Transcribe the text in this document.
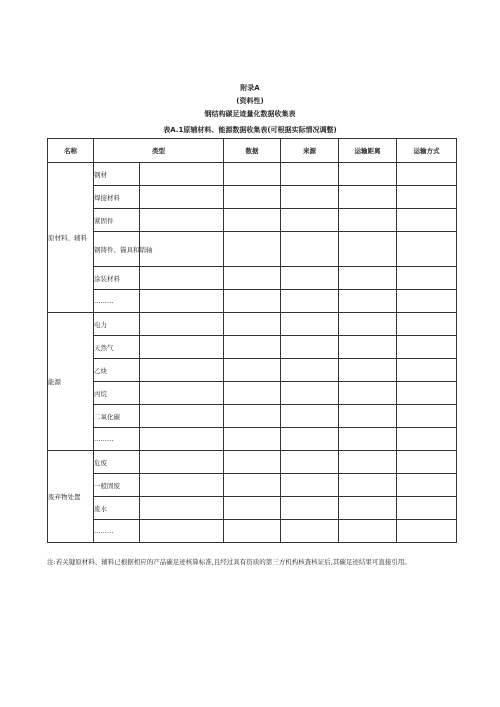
附录A
(资料性)
钢结构碳足迹量化数据收集表
表A.1原辅材料、能源数据收集表(可根据实际情况调整)
名称	类型		数据	来源	运输距离	运输方式
原材料、辅料	钢材					
	焊接材料					
	紧固件					
	钢铸件、锚具和销轴					
	涂装材料					
	………					
能源	电力					
	天然气					
	乙炔					
	丙烷					
	二氧化碳					
	………					
废弃物处置	危废					
	一般固废					
	废水					
	………					
注:若关键原材料、辅料已根据相应的产品碳足迹核算标准,且经过具有资质的第三方机构核查核证后,其碳足迹结果可直接引用。
